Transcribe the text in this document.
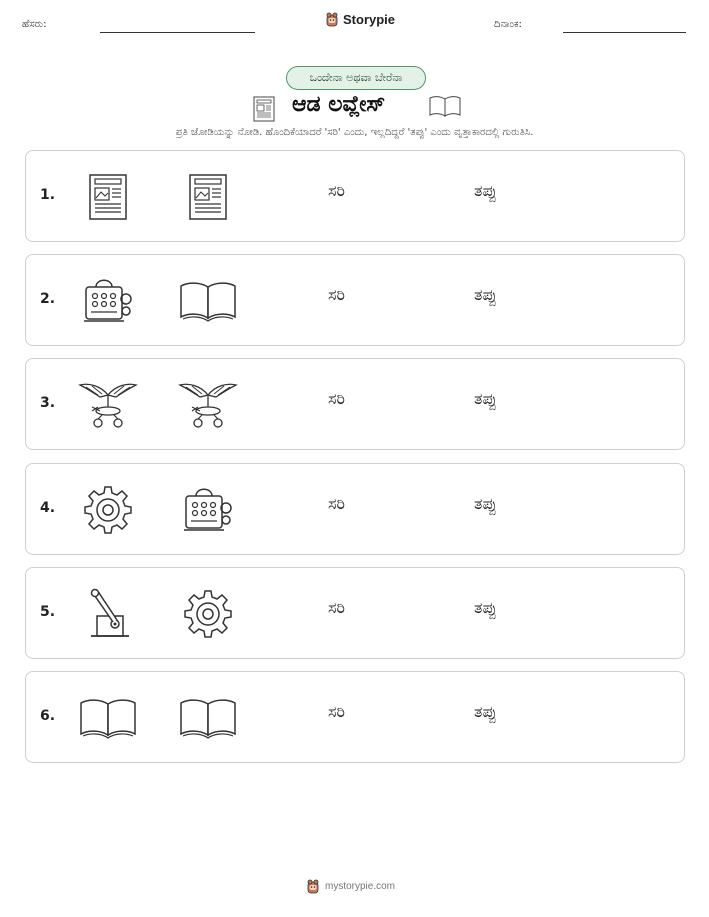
ಹೆಸರು:	Storypie	ದಿನಾಂಕ:
ಒಂದೇನಾ ಅಥವಾ ಬೇರೆನಾ
ಆಡ ಲವ್ಲೇಸ್
ಪ್ರತಿ ಜೋಡಿಯನ್ನು ನೋಡಿ. ಹೊಂದಿಕೆಯಾದರೆ 'ಸರಿ' ಎಂದು, ಇಲ್ಲದಿದ್ದರೆ 'ತಪ್ಪು' ಎಂದು ವೃತ್ತಾಕಾರದಲ್ಲಿ ಗುರುತಿಸಿ.
1.	ಸರಿ	ತಪ್ಪು
2.	ಸರಿ	ತಪ್ಪು
3.	ಸರಿ	ತಪ್ಪು
4.	ಸರಿ	ತಪ್ಪು
5.	ಸರಿ	ತಪ್ಪು
6.	ಸರಿ	ತಪ್ಪು
mystorypie.com
